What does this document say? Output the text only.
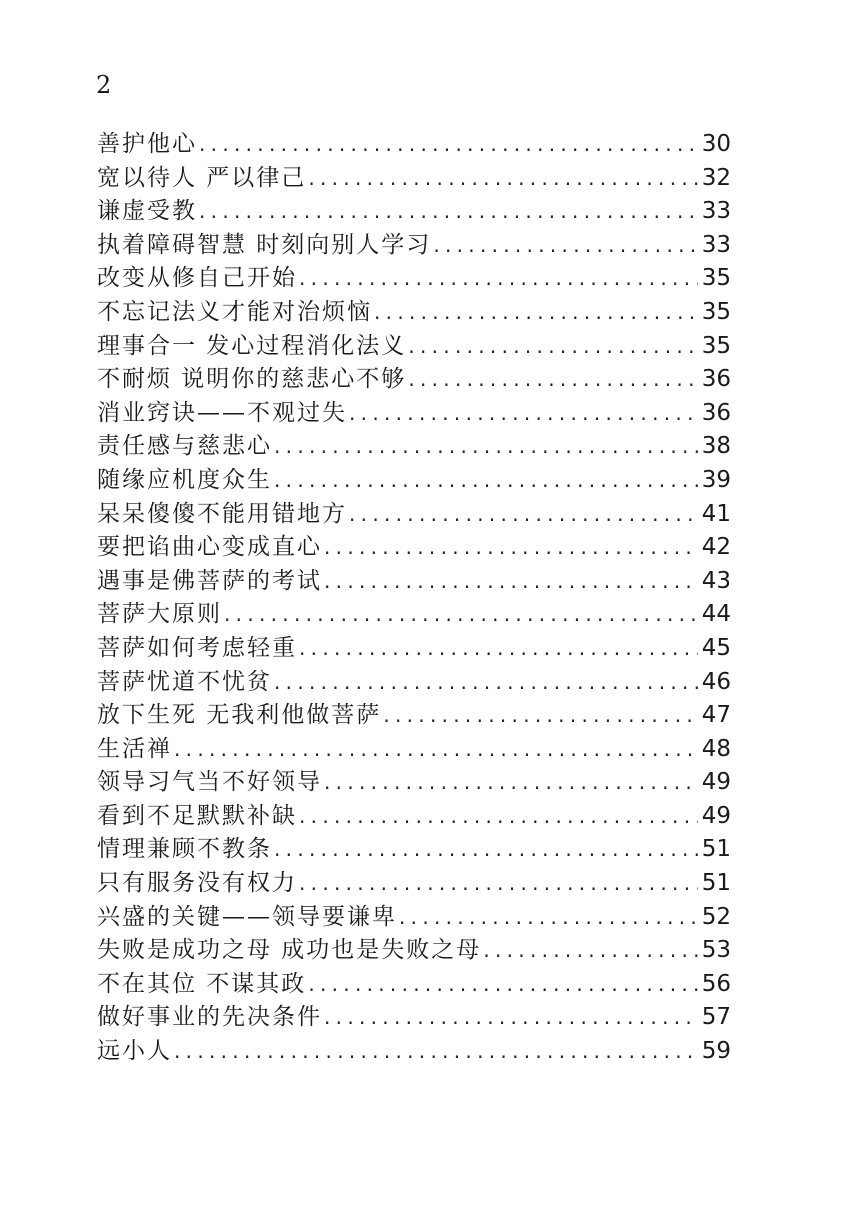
2
善护他心 .....	30
宽以待人 严以律己 .....	32
谦虚受教 .....	33
执着障碍智慧 时刻向别人学习 .....	33
改变从修自己开始 .....	35
不忘记法义才能对治烦恼 .....	35
理事合一 发心过程消化法义 .....	35
不耐烦 说明你的慈悲心不够 .....	36
消业窍诀——不观过失 .....	36
责任感与慈悲心 .....	38
随缘应机度众生 .....	39
呆呆傻傻不能用错地方 .....	41
要把谄曲心变成直心 .....	42
遇事是佛菩萨的考试 .....	43
菩萨大原则 .....	44
菩萨如何考虑轻重 .....	45
菩萨忧道不忧贫 .....	46
放下生死 无我利他做菩萨 .....	47
生活禅 .....	48
领导习气当不好领导 .....	49
看到不足默默补缺 .....	49
情理兼顾不教条 .....	51
只有服务没有权力 .....	51
兴盛的关键——领导要谦卑 .....	52
失败是成功之母 成功也是失败之母 .....	53
不在其位 不谋其政 .....	56
做好事业的先决条件 .....	57
远小人 .....	59
